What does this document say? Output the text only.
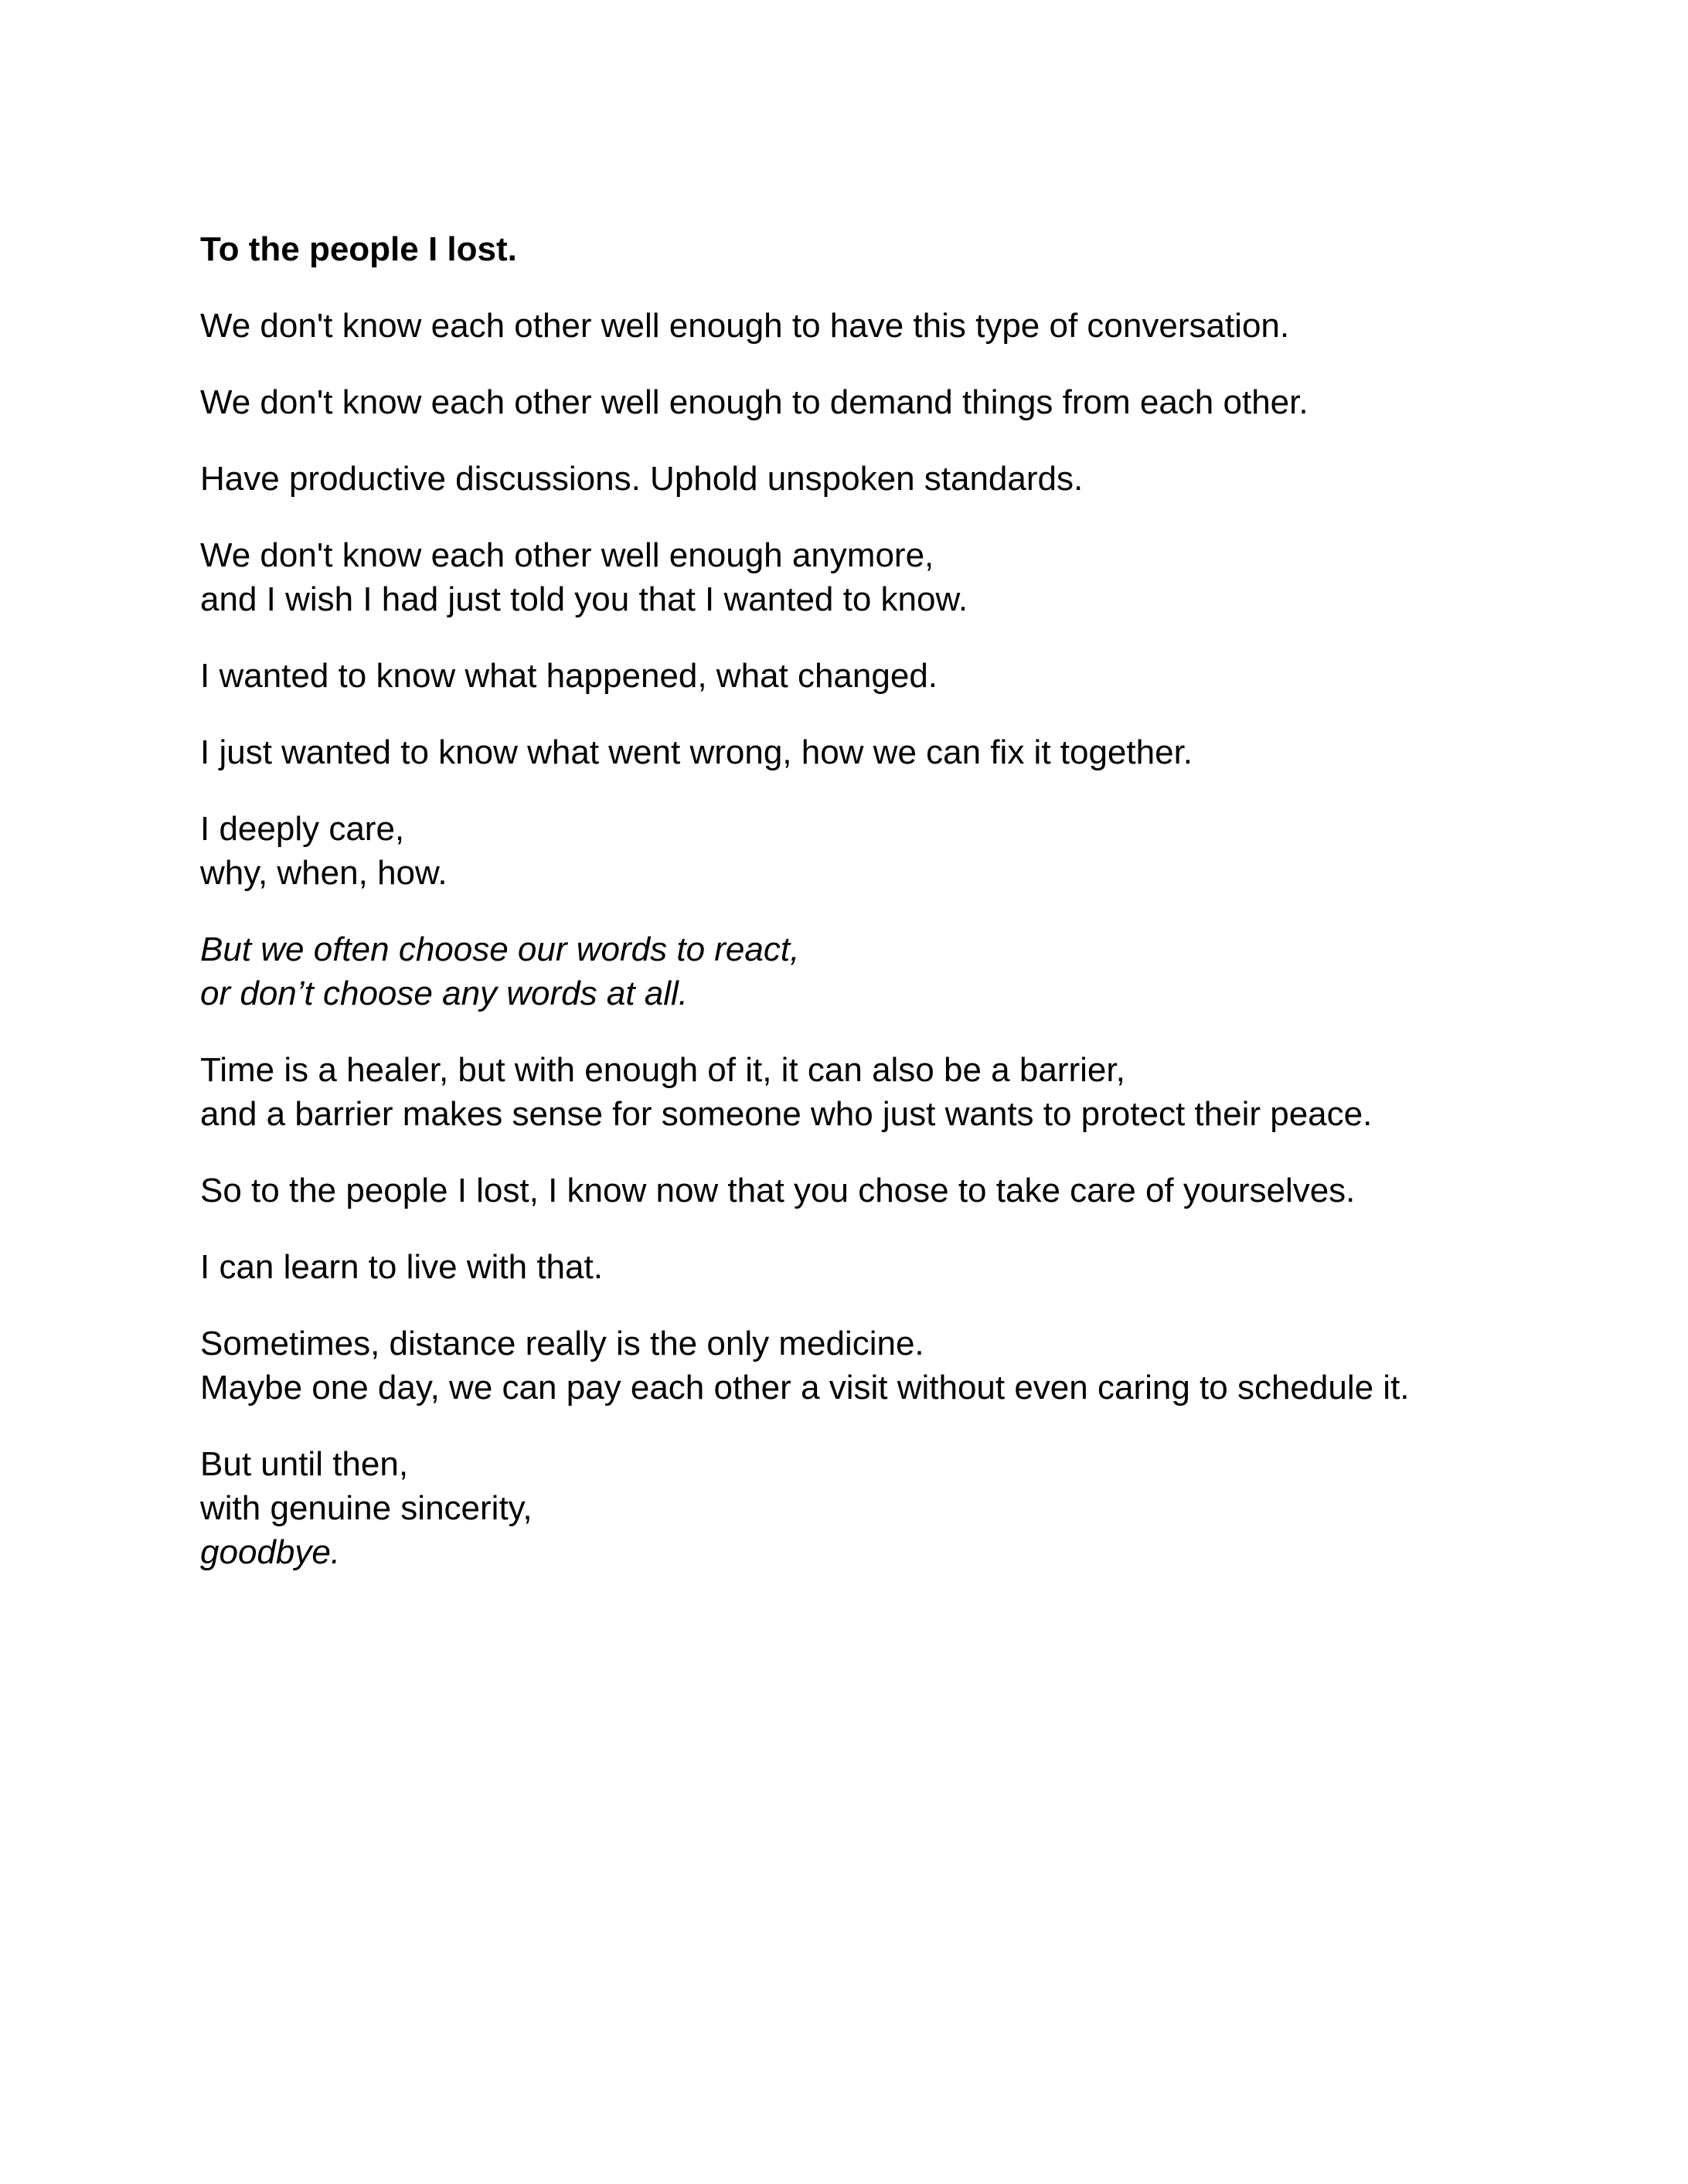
To the people I lost.

We don't know each other well enough to have this type of conversation.

We don't know each other well enough to demand things from each other.

Have productive discussions. Uphold unspoken standards.

We don't know each other well enough anymore,
and I wish I had just told you that I wanted to know.

I wanted to know what happened, what changed.

I just wanted to know what went wrong, how we can fix it together.

I deeply care,
why, when, how.

But we often choose our words to react,
or don’t choose any words at all.

Time is a healer, but with enough of it, it can also be a barrier,
and a barrier makes sense for someone who just wants to protect their peace.

So to the people I lost, I know now that you chose to take care of yourselves.

I can learn to live with that.

Sometimes, distance really is the only medicine.
Maybe one day, we can pay each other a visit without even caring to schedule it.

But until then,
with genuine sincerity,
goodbye.
